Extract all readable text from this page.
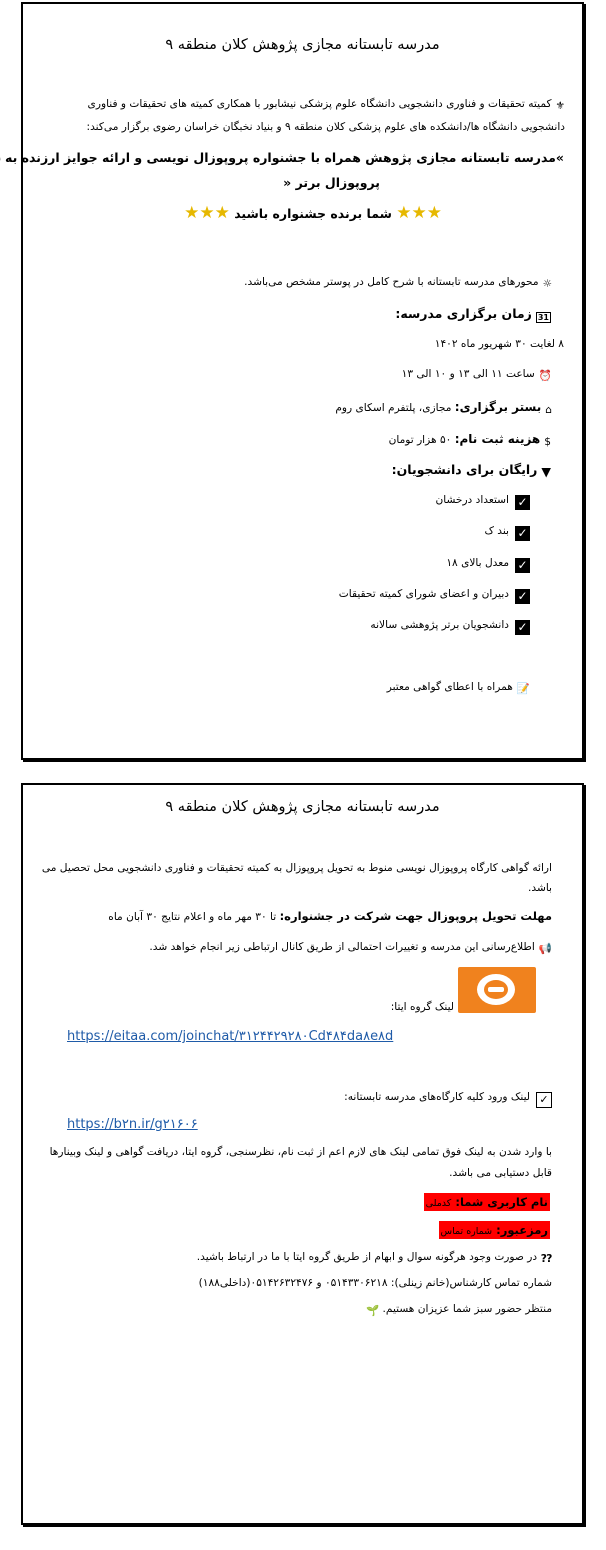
مدرسه تابستانه مجازی پژوهش کلان منطقه ۹
⚜کمیته تحقیقات و فناوری دانشجویی دانشگاه علوم پزشکی نیشابور با همکاری کمیته های تحقیقات و فناوری
دانشجویی دانشگاه ها/دانشکده های علوم پزشکی کلان منطقه ۹ و بنیاد نخبگان خراسان رضوی برگزار می‌کند:
»مدرسه تابستانه مجازی پژوهش همراه با جشنواره پروپوزال نویسی و ارائه جوایز ارزنده به
پروپوزال برتر «
★★★ شما برنده جشنواره باشید ★★★
☼محورهای مدرسه تابستانه با شرح کامل در پوستر مشخص می‌باشد.
31زمان برگزاری مدرسه:
۸ لغایت ۳۰ شهریور ماه ۱۴۰۲
⏰ساعت ۱۱ الی ۱۳ و ۱۰ الی ۱۳
⌂بستر برگزاری: مجازی، پلتفرم اسکای روم
$هزینه ثبت نام: ۵۰ هزار تومان
▼رایگان برای دانشجویان:
✓استعداد درخشان
✓بند ک
✓معدل بالای ۱۸
✓دبیران و اعضای شورای کمیته تحقیقات
✓دانشجویان برتر پژوهشی سالانه
📝همراه با اعطای گواهی معتبر
مدرسه تابستانه مجازی پژوهش کلان منطقه ۹
ارائه گواهی کارگاه پروپوزال نویسی منوط به تحویل پروپوزال به کمیته تحقیقات و فناوری دانشجویی محل تحصیل می
باشد.
مهلت تحویل پروپوزال جهت شرکت در جشنواره: تا ۳۰ مهر ماه و اعلام نتایج ۳۰ آبان ماه
📢اطلاع‌رسانی این مدرسه و تغییرات احتمالی از طریق کانال ارتباطی زیر انجام خواهد شد.
لینک گروه ایتا:
https://eitaa.com/joinchat/۳۱۲۴۴۲۹۲۸۰Cd۴۸۴da۸e۸d
✓لینک ورود کلیه کارگاه‌های مدرسه تابستانه:
https://b۲n.ir/g۲۱۶۰۶
با وارد شدن به لینک فوق تمامی لینک های لازم اعم از ثبت نام، نظرسنجی، گروه ایتا، دریافت گواهی و لینک وبینارها
قابل دستیابی می باشد.
نام کاربری شما: کدملی
رمزعبور: شماره تماس
⁇در صورت وجود هرگونه سوال و ابهام از طریق گروه ایتا با ما در ارتباط باشید.
شماره تماس کارشناس(خانم زینلی): ۰۵۱۴۳۳۰۶۲۱۸ و ۰۵۱۴۲۶۳۲۴۷۶(داخلی۱۸۸)
منتظر حضور سبز شما عزیزان هستیم. 🌱
